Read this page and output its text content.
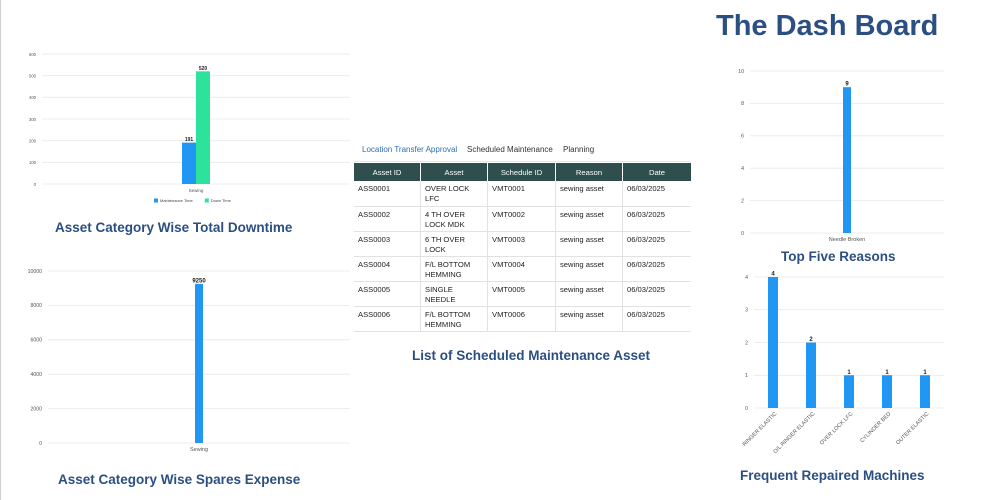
The Dash Board
0
100
200
300
400
500
600
191
520
Sewing
Maintenance Time	Down Time
Asset Category Wise Total Downtime
0
2000
4000
6000
8000
10000
9250
Sewing
Asset Category Wise Spares Expense
Location Transfer Approval Scheduled Maintenance Planning
Asset ID	Asset	Schedule ID	Reason	Date
ASS0001	OVER LOCK LFC	VMT0001	sewing asset	06/03/2025
ASS0002	4 TH OVER LOCK MDK	VMT0002	sewing asset	06/03/2025
ASS0003	6 TH OVER LOCK	VMT0003	sewing asset	06/03/2025
ASS0004	F/L BOTTOM HEMMING	VMT0004	sewing asset	06/03/2025
ASS0005	SINGLE NEEDLE	VMT0005	sewing asset	06/03/2025
ASS0006	F/L BOTTOM HEMMING	VMT0006	sewing asset	06/03/2025
List of Scheduled Maintenance Asset
0
2
4
6
8
10
9
Needle Broken
Top Five Reasons
0
1
2
3
4
4
2
1	1	1
RINGER ELASTIC
O/L RINGER ELASTIC OVER LOCK LFC CYLINDER BED OUTER ELASTIC
Frequent Repaired Machines
